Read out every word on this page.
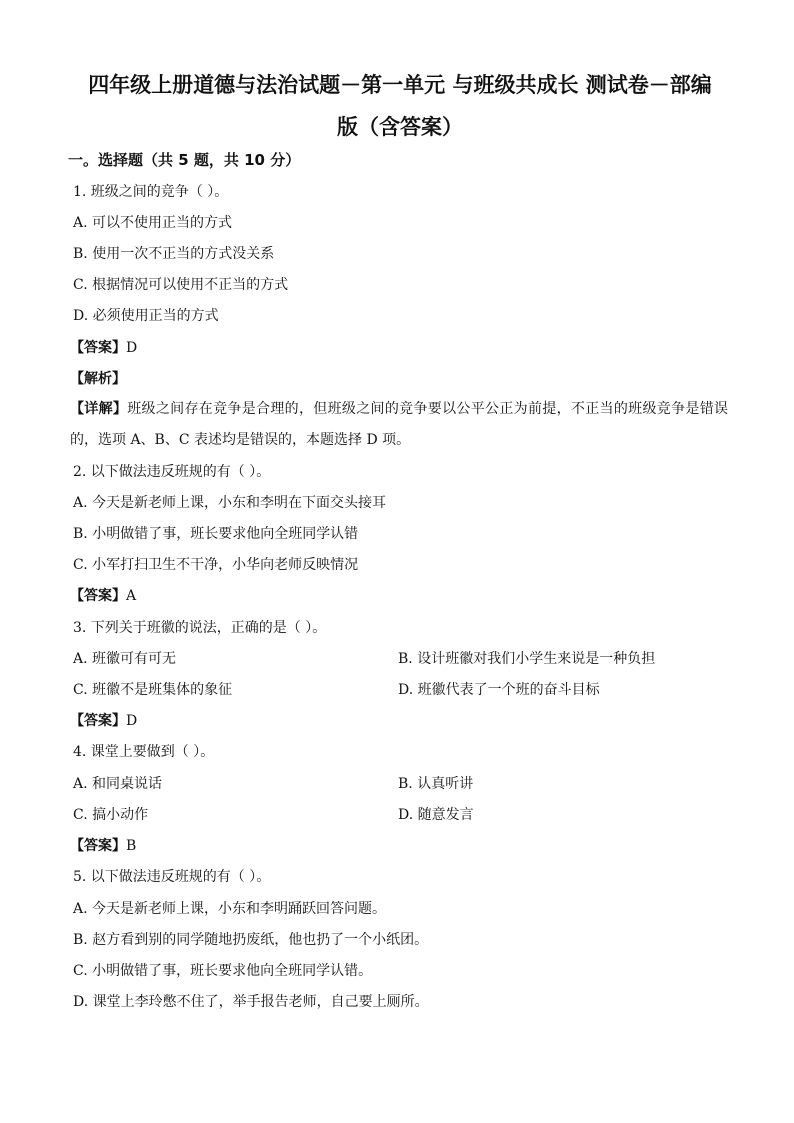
四年级上册道德与法治试题－第一单元 与班级共成长 测试卷－部编
版（含答案）
一。选择题（共 5 题，共 10 分）
1. 班级之间的竞争（ ）。
A. 可以不使用正当的方式
B. 使用一次不正当的方式没关系
C. 根据情况可以使用不正当的方式
D. 必须使用正当的方式
【答案】D
【解析】
【详解】班级之间存在竞争是合理的，但班级之间的竞争要以公平公正为前提，不正当的班级竞争是错误的，选项 A、B、C 表述均是错误的，本题选择 D 项。
2. 以下做法违反班规的有（ ）。
A. 今天是新老师上课，小东和李明在下面交头接耳
B. 小明做错了事，班长要求他向全班同学认错
C. 小军打扫卫生不干净，小华向老师反映情况
【答案】A
3. 下列关于班徽的说法，正确的是（ ）。
A. 班徽可有可无	B. 设计班徽对我们小学生来说是一种负担
C. 班徽不是班集体的象征	D. 班徽代表了一个班的奋斗目标
【答案】D
4. 课堂上要做到（ ）。
A. 和同桌说话	B. 认真听讲
C. 搞小动作	D. 随意发言
【答案】B
5. 以下做法违反班规的有（ ）。
A. 今天是新老师上课，小东和李明踊跃回答问题。
B. 赵方看到别的同学随地扔废纸，他也扔了一个小纸团。
C. 小明做错了事，班长要求他向全班同学认错。
D. 课堂上李玲憋不住了，举手报告老师，自己要上厕所。
